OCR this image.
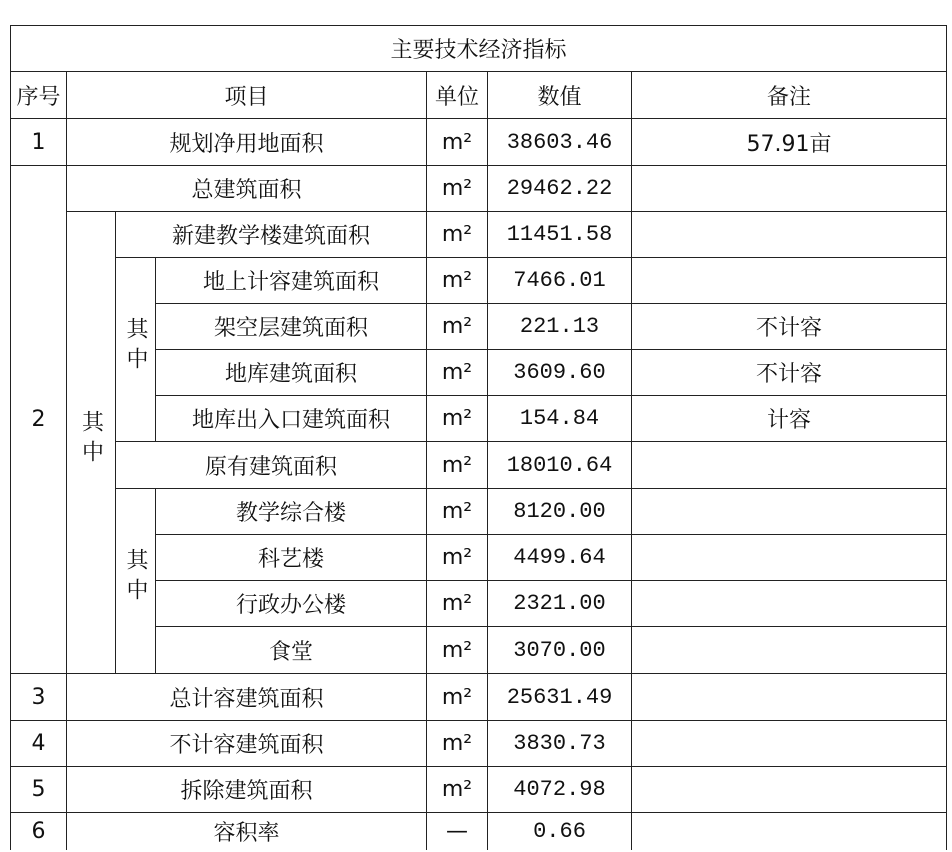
主要技术经济指标						
序号	项目			单位	数值	备注
1	规划净用地面积			m²	38603.46	57.91亩
2	总建筑面积			m²	29462.22	
	其中	新建教学楼建筑面积		m²	11451.58	
		其中	地上计容建筑面积	m²	7466.01	
			架空层建筑面积	m²	221.13	不计容
			地库建筑面积	m²	3609.60	不计容
			地库出入口建筑面积	m²	154.84	计容
		原有建筑面积		m²	18010.64	
		其中	教学综合楼	m²	8120.00	
			科艺楼	m²	4499.64	
			行政办公楼	m²	2321.00	
			食堂	m²	3070.00	
3	总计容建筑面积			m²	25631.49	
4	不计容建筑面积			m²	3830.73	
5	拆除建筑面积			m²	4072.98	
6	容积率			—	0.66	
